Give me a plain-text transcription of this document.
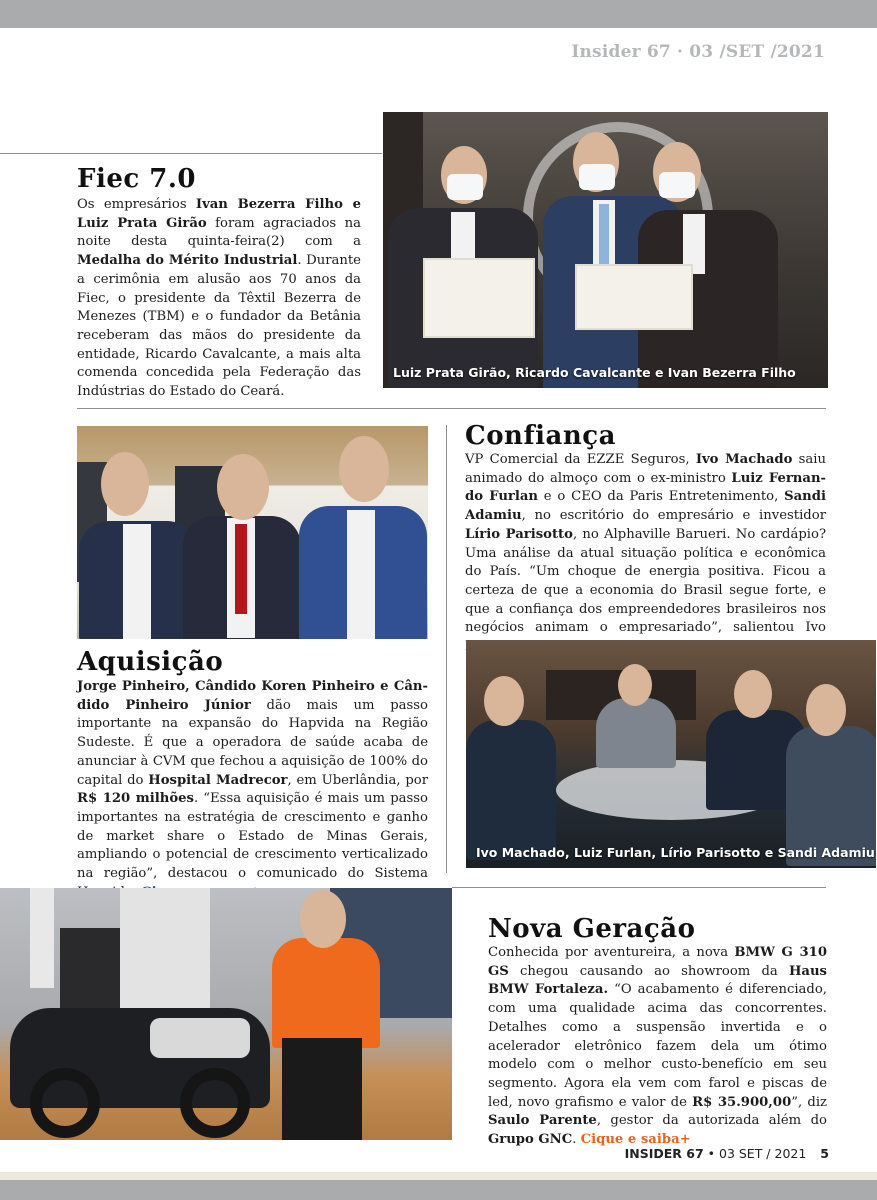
Insider 67 · 03 /SET /2021
Luiz Prata Girão, Ricardo Cavalcante e Ivan Bezerra Filho
Fiec 7.0
Os empresários Ivan Bezerra Filho e Luiz Prata Girão foram agraciados na noite desta quinta-feira(2) com a Medalha do Mérito Industrial. Durante a cerimônia em alusão aos 70 anos da Fiec, o presidente da Têxtil Bezerra de Menezes (TBM) e o fundador da Betânia receberam das mãos do presidente da entidade, Ricardo Cavalcante, a mais alta comenda concedida pela Federação das Indústrias do Estado do Ceará.
Aquisição
Jorge Pinheiro, Cândido Koren Pinheiro e Cân-dido Pinheiro Júnior dão mais um passo importante na expansão do Hapvida na Região Sudeste. É que a operadora de saúde acaba de anunciar à CVM que fechou a aquisição de 100% do capital do Hospital Madrecor, em Uberlândia, por R$ 120 milhões. “Essa aquisição é mais um passo importantes na estratégia de crescimento e ganho de market share o Estado de Minas Gerais, ampliando o potencial de crescimento verticalizado na região”, destacou o comunicado do Sistema
Confiança
VP Comercial da EZZE Seguros, Ivo Machado saiu animado do almoço com o ex-ministro Luiz Fernan-do Furlan e o CEO da Paris Entretenimento, Sandi Adamiu, no escritório do empresário e investidor Lírio Parisotto, no Alphaville Barueri. No cardápio? Uma análise da atual situação política e econômica do País. “Um choque de energia positiva. Ficou a certeza de que a economia do Brasil segue forte, e que a confiança dos empreendedores brasileiros nos negócios animam o empresariado”, salientou Ivo
Ivo Machado, Luiz Furlan, Lírio Parisotto e Sandi Adamiu
Nova Geração
Conhecida por aventureira, a nova BMW G 310 GS chegou causando ao showroom da Haus BMW Fortaleza. “O acabamento é diferenciado, com uma qualidade acima das concorrentes. Detalhes como a suspensão invertida e o acelerador eletrônico fazem dela um ótimo modelo com o melhor custo-benefício em seu segmento. Agora ela vem com farol e piscas de led, novo grafismo e valor de R$ 35.900,00”, diz Saulo Parente, gestor da autorizada além do Grupo GNC. Cique e saiba+
INSIDER 67 • 03 SET / 2021 5
